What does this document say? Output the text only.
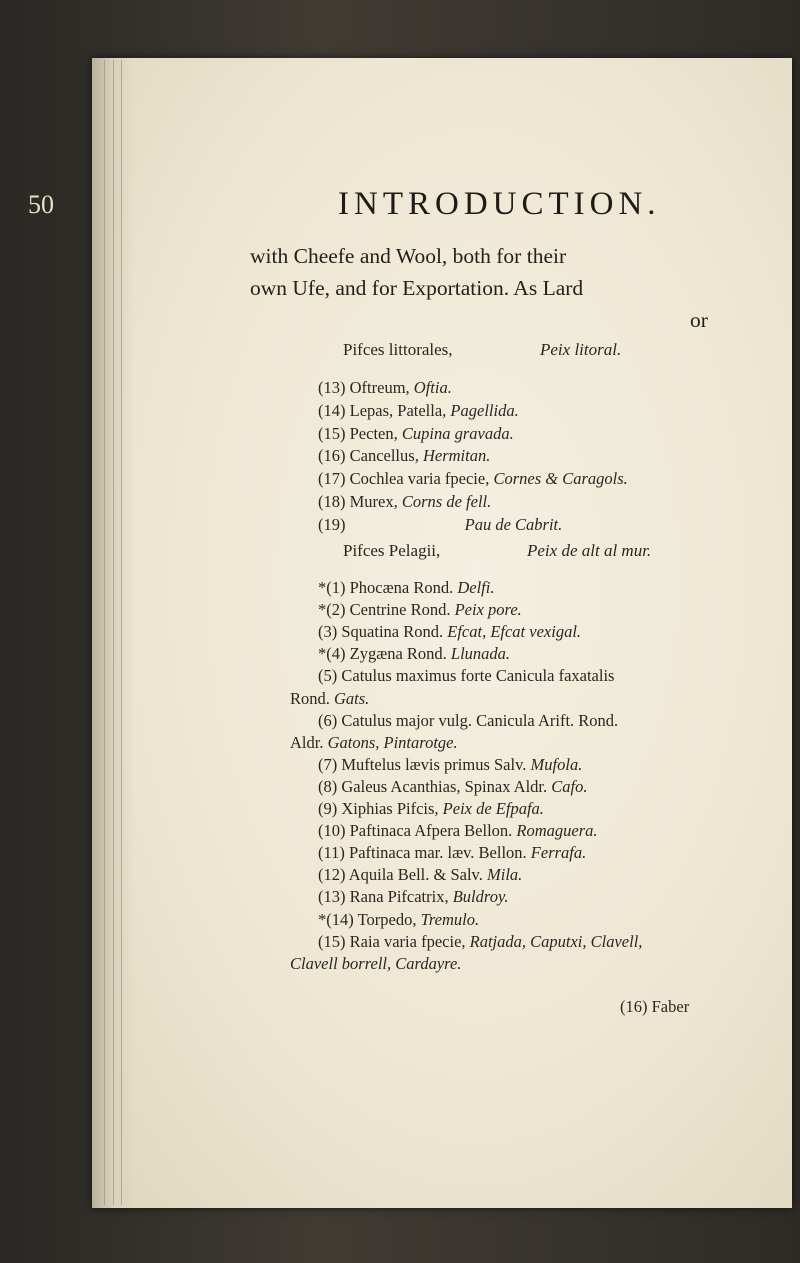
50	INTRODUCTION.
with Cheefe and Wool, both for their
own Ufe, and for Exportation. As Lard
or
Pifces littorales,	Peix litoral.
(13) Oftreum, Oftia.
(14) Lepas, Patella, Pagellida.
(15) Pecten, Cupina gravada.
(16) Cancellus, Hermitan.
(17) Cochlea varia fpecie, Cornes & Caragols.
(18) Murex, Corns de fell.
(19)	Pau de Cabrit.
Pifces Pelagii,	Peix de alt al mur.
*(1) Phocæna Rond. Delfi.
*(2) Centrine Rond. Peix pore.
(3) Squatina Rond. Efcat, Efcat vexigal.
*(4) Zygæna Rond. Llunada.
(5) Catulus maximus forte Canicula faxatalis
Rond. Gats.
(6) Catulus major vulg. Canicula Arift. Rond.
Aldr. Gatons, Pintarotge.
(7) Muftelus lævis primus Salv. Mufola.
(8) Galeus Acanthias, Spinax Aldr. Cafo.
(9) Xiphias Pifcis, Peix de Efpafa.
(10) Paftinaca Afpera Bellon. Romaguera.
(11) Paftinaca mar. læv. Bellon. Ferrafa.
(12) Aquila Bell. & Salv. Mila.
(13) Rana Pifcatrix, Buldroy.
*(14) Torpedo, Tremulo.
(15) Raia varia fpecie, Ratjada, Caputxi, Clavell,
Clavell borrell, Cardayre.
(16) Faber
